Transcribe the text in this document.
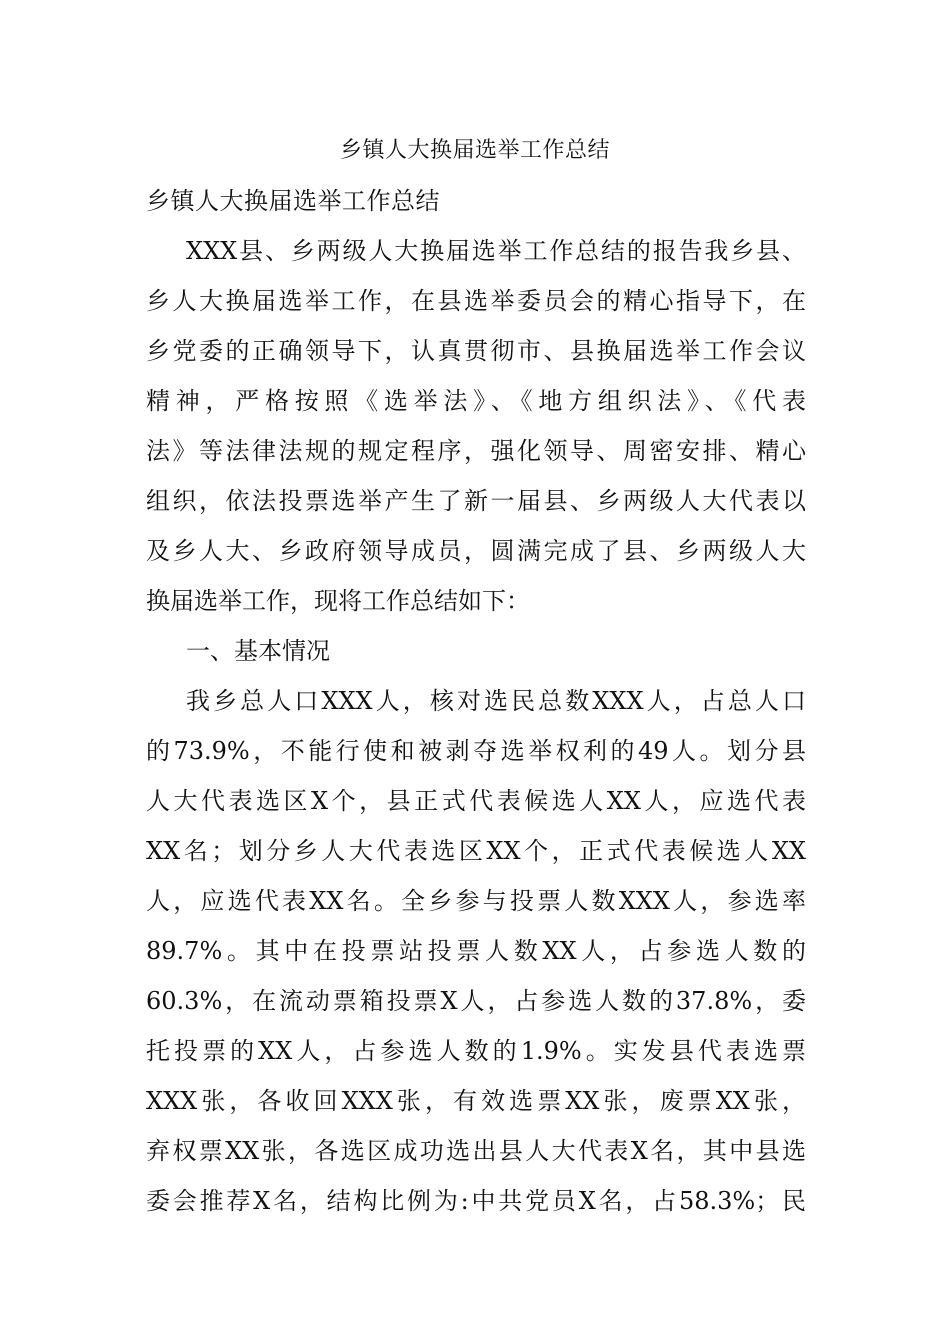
乡镇人大换届选举工作总结
乡镇人大换届选举工作总结
XXX县、乡两级人大换届选举工作总结的报告我乡县、
乡人大换届选举工作，在县选举委员会的精心指导下，在
乡党委的正确领导下，认真贯彻市、县换届选举工作会议
精神，严格按照《选举法》、《地方组织法》、《代表
法》等法律法规的规定程序，强化领导、周密安排、精心
组织，依法投票选举产生了新一届县、乡两级人大代表以
及乡人大、乡政府领导成员，圆满完成了县、乡两级人大
换届选举工作，现将工作总结如下：
一、基本情况
我乡总人口XXX人，核对选民总数XXX人，占总人口
的73.9%，不能行使和被剥夺选举权利的49人。划分县
人大代表选区X个，县正式代表候选人XX人，应选代表
XX名；划分乡人大代表选区XX个，正式代表候选人XX
人，应选代表XX名。全乡参与投票人数XXX人，参选率
89.7%。其中在投票站投票人数XX人，占参选人数的
60.3%，在流动票箱投票X人，占参选人数的37.8%，委
托投票的XX人，占参选人数的1.9%。实发县代表选票
XXX张，各收回XXX张，有效选票XX张，废票XX张，
弃权票XX张，各选区成功选出县人大代表X名，其中县选
委会推荐X名，结构比例为:中共党员X名，占58.3%；民
